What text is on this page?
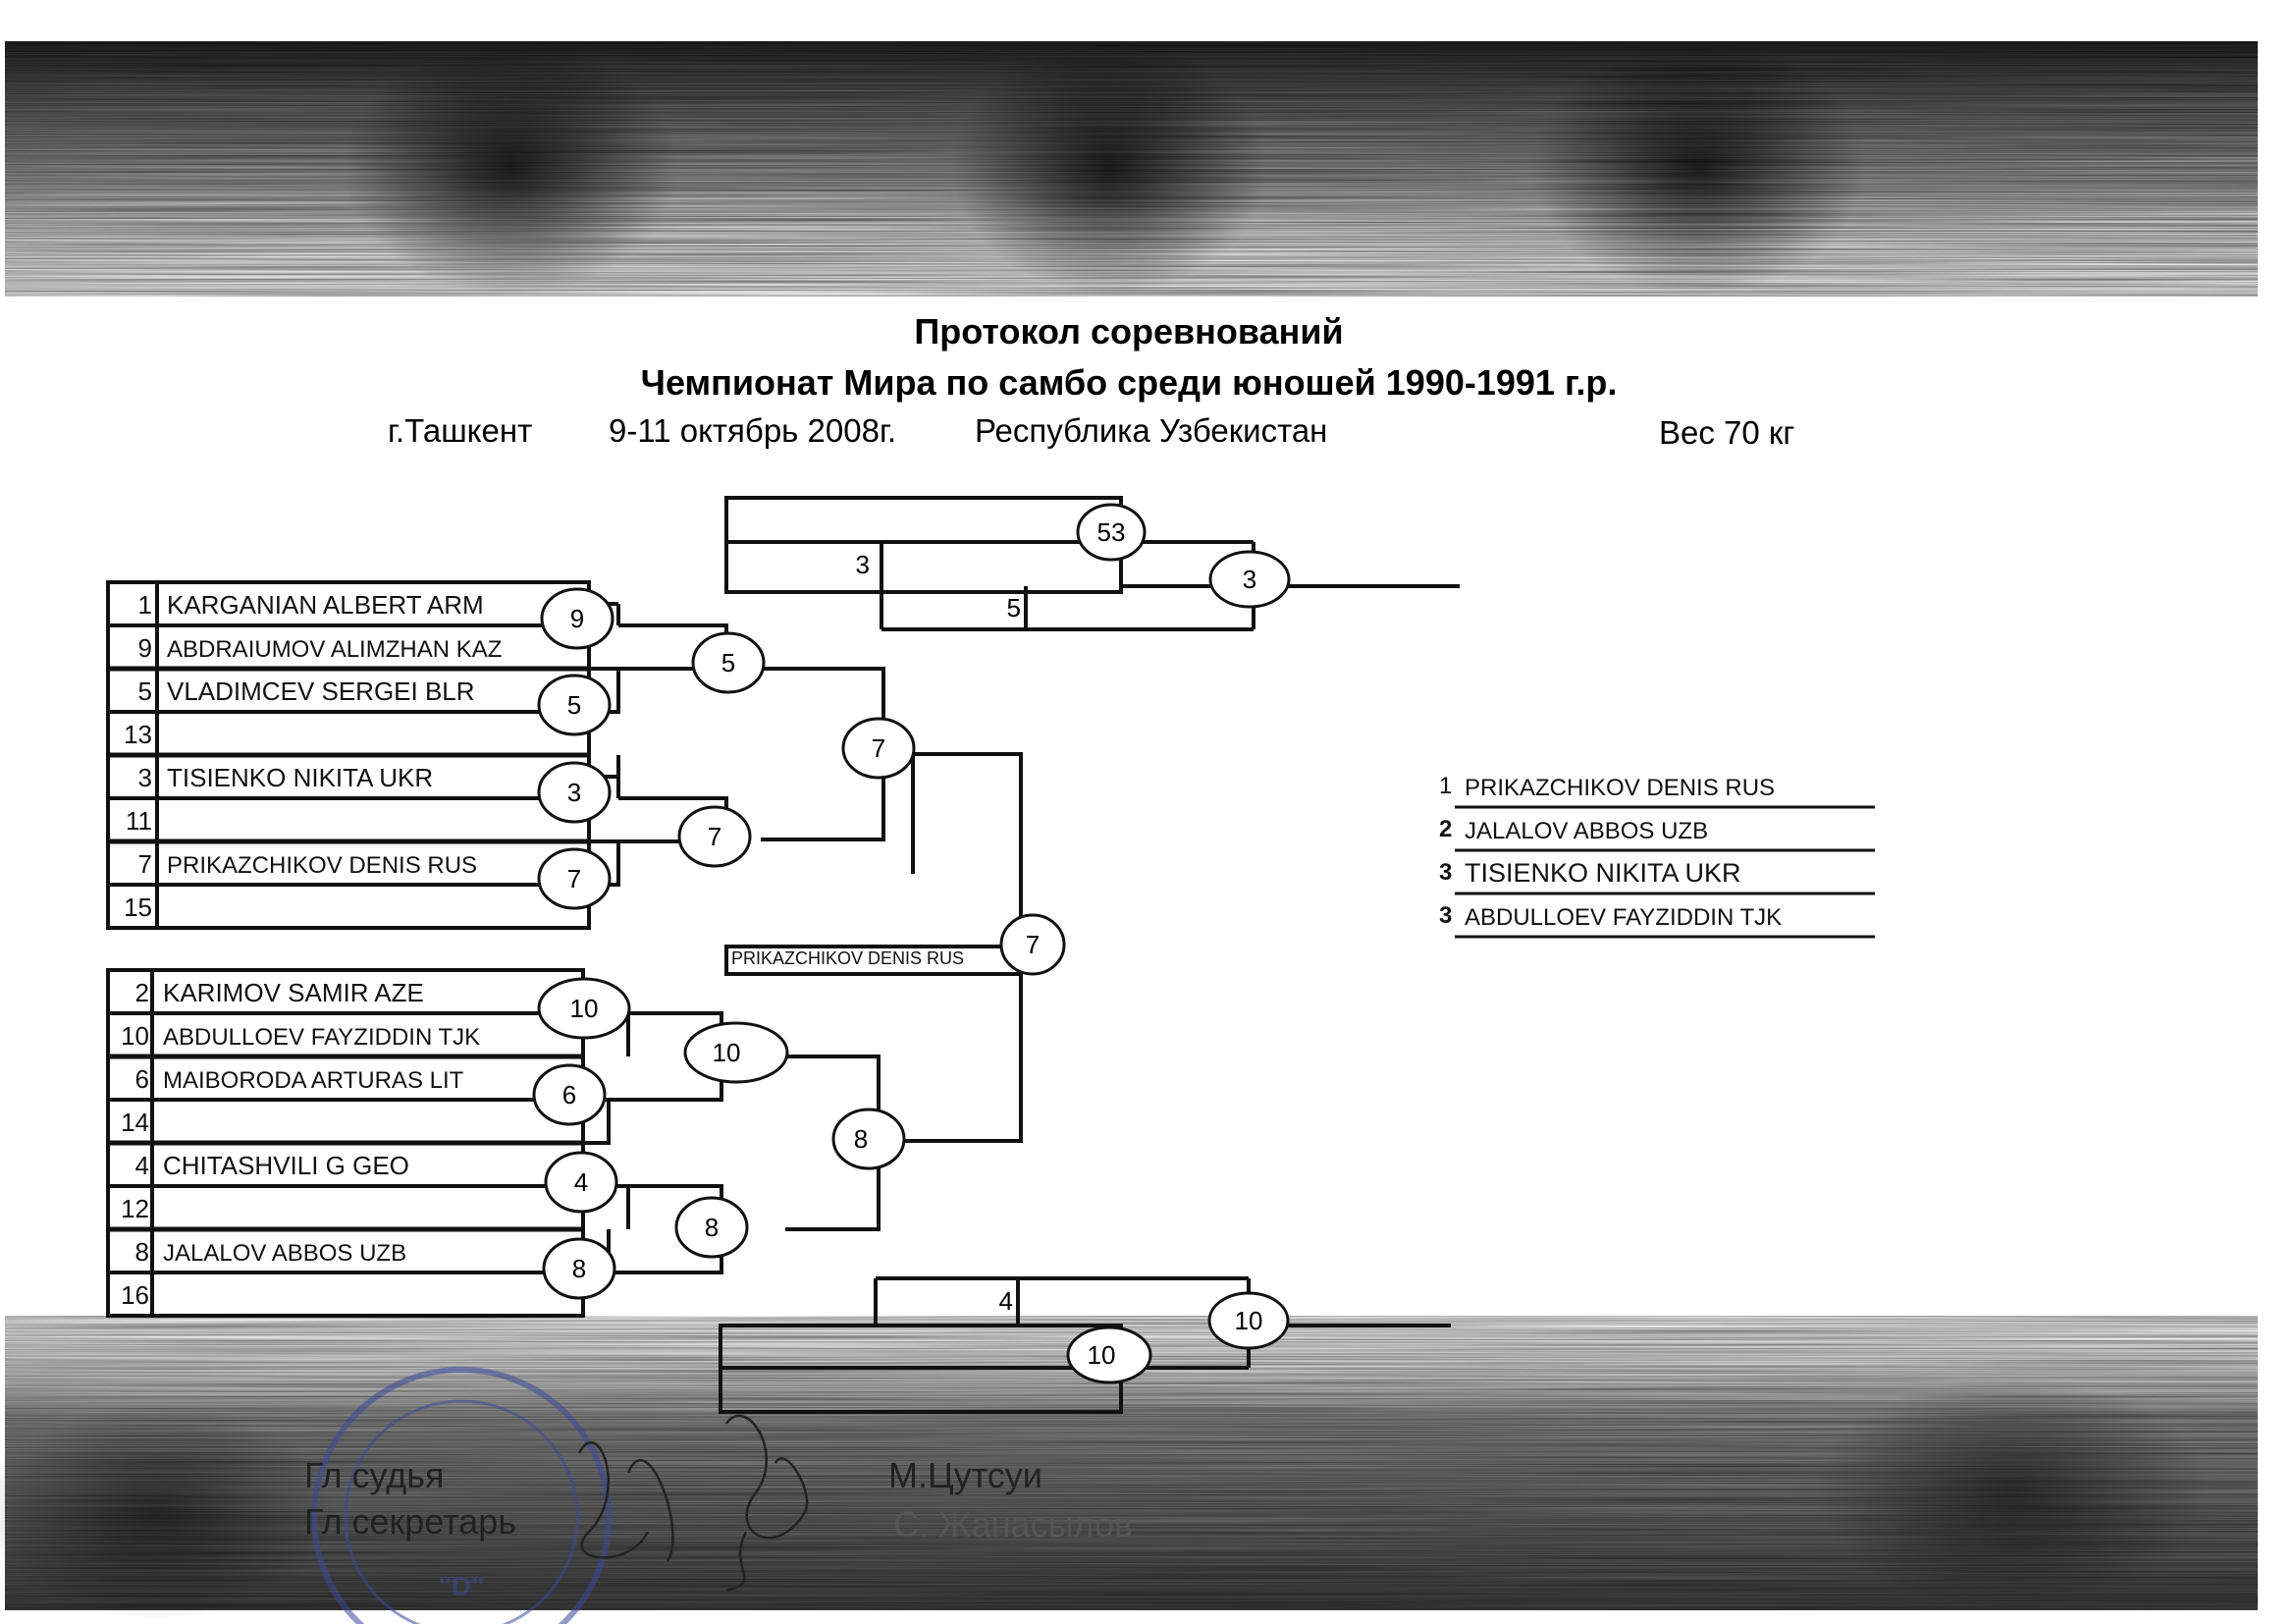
Протокол соревнований
Чемпионат Мира по самбо среди юношей 1990-1991 г.р.
г.Ташкент 9-11 октябрь 2008г. Республика Узбекистан	Вес 70 кг
1 KARGANIAN ALBERT ARM
9 ABDRAIUMOV ALIMZHAN KAZ
5 VLADIMCEV SERGEI BLR
13
3 TISIENKO NIKITA UKR
11
7 PRIKAZCHIKOV DENIS RUS
15
2 KARIMOV SAMIR AZE
10 ABDULLOEV FAYZIDDIN TJK
6 MAIBORODA ARTURAS LIT
14
4 CHITASHVILI G GEO
12
8 JALALOV ABBOS UZB
16
9
5
3
7
5
7
7
10
6
4
8
10
8
8
7
3
5
53
3
4
10
10
PRIKAZCHIKOV DENIS RUS
1 PRIKAZCHIKOV DENIS RUS
2 JALALOV ABBOS UZB
3 TISIENKO NIKITA UKR
3 ABDULLOEV FAYZIDDIN TJK
"D"
Гл судья
Гл секретарь
М.Цутсуи
С. Жанасылов
